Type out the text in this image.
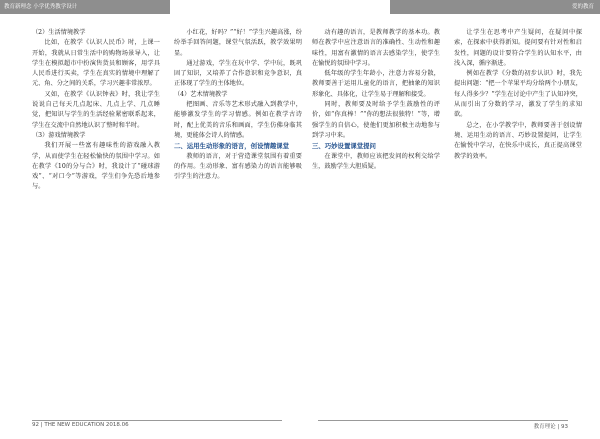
教育新理念 小学优秀教学设计	爱的教育
（2）生活情境教学

比如，在教学《认识人民币》时，上课一开始，我就从日常生活中的购物场景导入，让学生在模拟超市中扮演售货员和顾客，用学具人民币进行买卖，学生在真实的情境中理解了元、角、分之间的关系，学习兴趣非常浓厚。

又如，在教学《认识钟表》时，我让学生说说自己每天几点起床、几点上学、几点睡觉，把知识与学生的生活经验紧密联系起来，学生在交流中自然地认识了整时和半时。

（3）游戏情境教学

我们开展一些富有趣味性的游戏融入教学，从而使学生在轻松愉快的氛围中学习。如在教学《10的分与合》时，我设计了“碰球游戏”、“对口令”等游戏，学生们争先恐后地参与。

小红花，好吗？”“好！”学生兴趣高涨，纷纷举手回答问题，课堂气氛活跃，教学效果明显。

通过游戏，学生在玩中学、学中玩，既巩固了知识，又培养了合作意识和竞争意识，真正体现了学生的主体地位。

（4）艺术情境教学

把图画、音乐等艺术形式融入到教学中，能够激发学生的学习情感。例如在教学古诗时，配上优美的音乐和画面，学生仿佛身临其境，更能体会诗人的情感。

二、运用生动形象的语言，创设情趣课堂

教师的语言，对于营造课堂氛围有着重要的作用。生动形象、富有感染力的语言能够吸引学生的注意力。

动有趣的语言，是教师教学的基本功。教师在教学中应注意语言的准确性、生动性和趣味性，用富有激情的语言去感染学生，使学生在愉悦的氛围中学习。

低年级的学生年龄小，注意力容易分散，教师要善于运用儿童化的语言，把抽象的知识形象化、具体化，让学生易于理解和接受。

同时，教师要及时给予学生鼓励性的评价，如“你真棒！”“你的想法很独特！”等，增强学生的自信心，使他们更加积极主动地参与到学习中来。

三、巧妙设置课堂提问

在课堂中，教师应该把发问的权利交给学生，鼓励学生大胆质疑。

让学生在思考中产生疑问，在疑问中探索，在探索中获得新知。提问要有针对性和启发性，问题的设计要符合学生的认知水平，由浅入深，循序渐进。

例如在教学《分数的初步认识》时，我先提出问题：“把一个苹果平均分给两个小朋友，每人得多少？”学生在讨论中产生了认知冲突，从而引出了分数的学习，激发了学生的求知欲。

总之，在小学教学中，教师要善于创设情境、运用生动的语言、巧妙设置提问，让学生在愉悦中学习，在快乐中成长，真正提高课堂教学的效率。

92 | THE NEW EDUCATION 2018.06	教育理论 | 93
